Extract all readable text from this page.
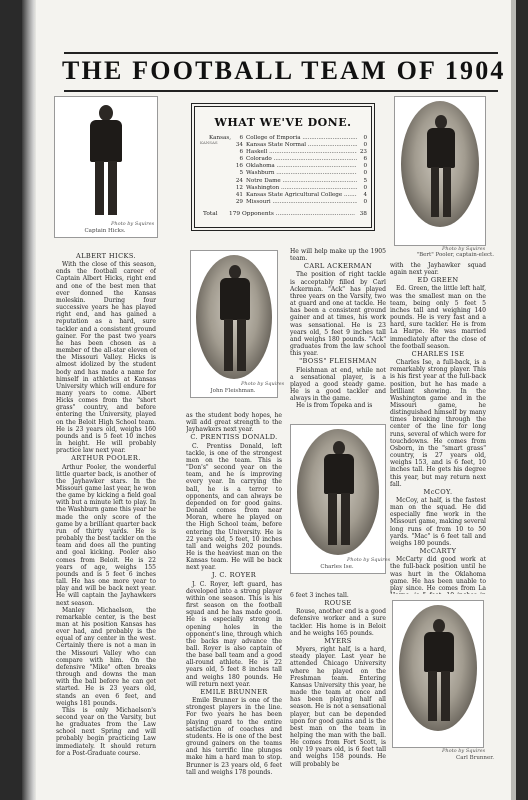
THE FOOTBALL TEAM OF 1904
Photo by Squires
Captain Hicks.
WHAT WE'VE DONE.
KANSAS
Kansas,	6 College of Emporia .....	0
34 Kansas State Normal .....	0
6 Haskell .....	23
6 Colorado .....	6
16 Oklahoma .....	0
5 Washburn .....	0
24 Notre Dame .....	5
12 Washington .....	0
41 Kansas State Agricultural College .....	4
29 Missouri .....	0
Total	179 Opponents .....	38
Photo by Squires
"Bert" Pooler, captain-elect.
Photo by Squires
John Fleishman.
Photo by Squires
Charles Ise.
Photo by Squires
Carl Brunner.
ALBERT HICKS.

With the close of this season, ends the football career of Captain Albert Hicks, right end and one of the best men that ever donned the Kansas moleskin. During four successive years he has played right end, and has gained a reputation as a hard, sure tackler and a consistent ground gainer. For the past two years he has been chosen as a member of the all-star eleven of the Missouri Valley. Hicks is almost idolized by the student body and has made a name for himself in athletics at Kansas University which will endure for many years to come. Albert Hicks comes from the "short grass" country, and before entering the University, played on the Beloit High School team. He is 23 years old, weighs 160 pounds and is 5 feet 10 inches in height. He will probably practice law next year.

ARTHUR POOLER.

Arthur Pooler, the wonderful little quarter back, is another of the Jayhawker stars. In the Missouri game last year, he won the game by kicking a field goal with but a minute left to play. In the Washburn game this year he made the only score of the game by a brilliant quarter back run of thirty yards. He is probably the best tackler on the team and does all the punting and goal kicking. Pooler also comes from Beloit. He is 22 years of age, weighs 155 pounds and is 5 feet 6 inches tall. He has one more year to play and will be back next year. He will captain the Jayhawkers next season.

Manley Michaelson, the remarkable center, is the best man at his position Kansas has ever had, and probably is the equal of any center in the west. Certainly there is not a man in the Missouri Valley who can compare with him. On the defensive "Mike" often breaks through and downs the man with the ball before he can get started. He is 23 years old, stands an even 6 feet, and weighs 181 pounds.

This is only Michaelson's second year on the Varsity, but he graduates from the Law school next Spring and will probably begin practicing Law immediately. It should return for a Post-Graduate course.

as the student body hopes, he will add great strength to the Jayhawkers next year.

C. PRENTISS DONALD.

C. Prentiss Donald, left tackle, is one of the strongest men on the team. This is "Don's" second year on the team, and he is improving every year. In carrying the ball, he is a terror to opponents, and can always be depended on for good gains. Donald comes from near Moran, where he played on the High School team, before entering the University. He is 22 years old, 5 feet, 10 inches tall and weighs 202 pounds. He is the heaviest man on the Kansas team. He will be back next year.

J. C. ROYER

J. C. Royer, left guard, has developed into a strong player within one season. This is his first season on the football squad and he has made good. He is especially strong in opening holes in the opponent's line, through which the backs may advance the ball. Royer is also captain of the base ball team and a good all-round athlete. He is 22 years old, 5 feet 8 inches tall and weighs 180 pounds. He will return next year.

EMILE BRUNNER

Emile Brunner is one of the strongest players in the line. For two years he has been playing guard to the entire satisfaction of coaches and students. He is one of the best ground gainers on the teams and his terrific line plunges make him a hard man to stop. Brunner is 23 years old, 6 feet tall and weighs 178 pounds.

He will help make up the 1905 team.

CARL ACKERMAN

The position of right tackle is acceptably filled by Carl Ackerman. "Ack" has played three years on the Varsity, two at guard and one at tackle. He has been a consistent ground gainer and at times, his work was sensational. He is 23 years old, 5 feet 9 inches tall and weighs 180 pounds. "Ack" graduates from the law school this year.

"BOSS" FLEISHMAN

Fleishman at end, while not a sensational player, is a played a good steady game. He is a good tackler and always in the game.

He is from Topeka and is

6 feet 3 inches tall.

ROUSE

Rouse, another end is a good defensive worker and a sure tackler. His home is in Beloit and he weighs 165 pounds.

MYERS

Myers, right half, is a hard, steady player. Last year he attended Chicago University where he played on the Freshman team. Entering Kansas University this year, he made the team at once and has been playing half all season. He is not a sensational player, but can be depended upon for good gains and is the best man on the team in helping the man with the ball. He comes from Fort Scott, is only 19 years old, is 6 feet tall and weighs 158 pounds. He will probably be

with the Jayhawker squad again next year.

ED GREEN

Ed. Green, the little left half, was the smallest man on the team, being only 5 feet 5 inches tall and weighing 140 pounds. He is very fast and a hard, sure tackler. He is from La Harpe. He was married immediately after the close of the football season.

CHARLES ISE

Charles Ise, a full-back, is a remarkably strong player. This is his first year at the full-back position, but he has made a brilliant showing. In the Washington game and in the Missouri game, he distinguished himself by many times breaking through the center of the line for long runs, several of which were for touchdowns. He comes from Osborn, in the "smart grass" country, is 27 years old, weighs 153, and is 6 feet, 10 inches tall. He gets his degree this year, but may return next fall.

McCOY.

McCoy, at half, is the fastest man on the squad. He did especially fine work in the Missouri game, making several long runs of from 10 to 50 yards. "Mac" is 6 feet tall and weighs 180 pounds.

McCARTY

McCarty did good work at the full-back position until he was hurt in the Oklahoma game. He has been unable to play since. He comes from La
